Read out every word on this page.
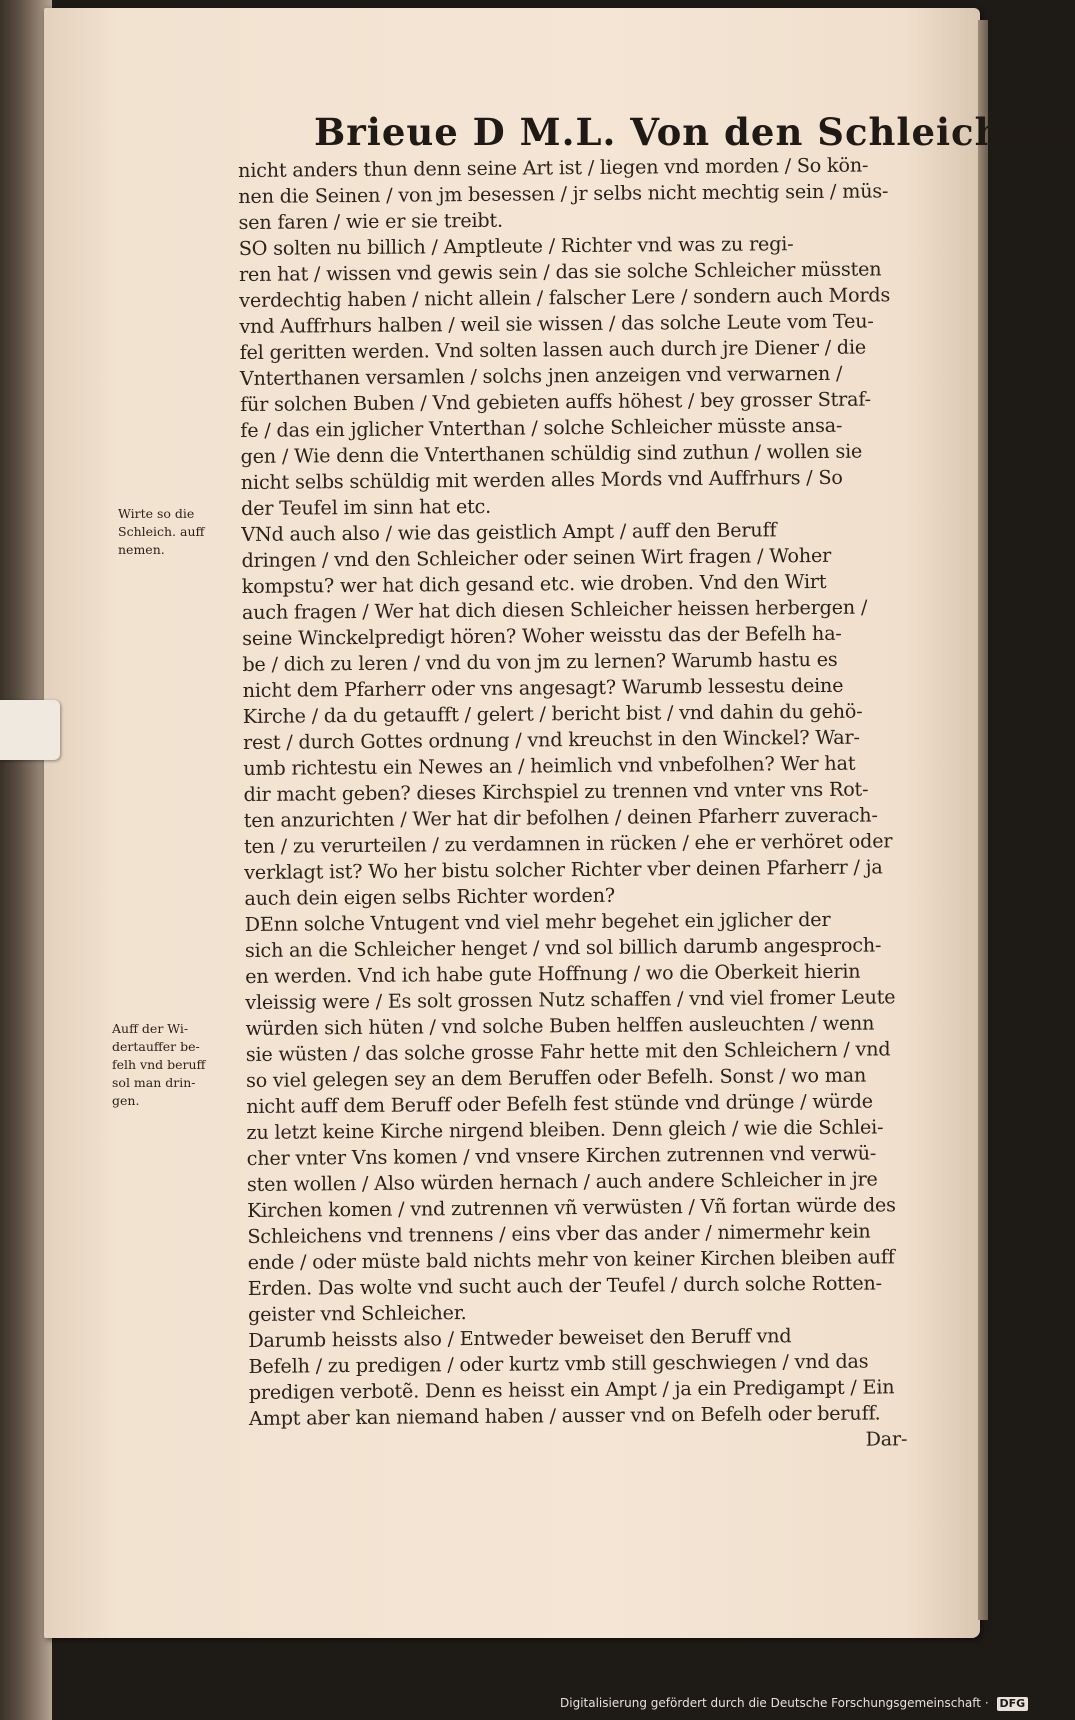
Brieue D M.L. Von den Schleichern
nicht anders thun denn seine Art ist / liegen vnd morden / So kön-
nen die Seinen / von jm besessen / jr selbs nicht mechtig sein / müs-
sen faren / wie er sie treibt.
SO solten nu billich / Amptleute / Richter vnd was zu regi-
ren hat / wissen vnd gewis sein / das sie solche Schleicher müssten
verdechtig haben / nicht allein / falscher Lere / sondern auch Mords
vnd Auffrhurs halben / weil sie wissen / das solche Leute vom Teu-
fel geritten werden. Vnd solten lassen auch durch jre Diener / die
Vnterthanen versamlen / solchs jnen anzeigen vnd verwarnen /
für solchen Buben / Vnd gebieten auffs höhest / bey grosser Straf-
fe / das ein jglicher Vnterthan / solche Schleicher müsste ansa-
gen / Wie denn die Vnterthanen schüldig sind zuthun / wollen sie
nicht selbs schüldig mit werden alles Mords vnd Auffrhurs / So
der Teufel im sinn hat etc.
VNd auch also / wie das geistlich Ampt / auff den Beruff
dringen / vnd den Schleicher oder seinen Wirt fragen / Woher
kompstu? wer hat dich gesand etc. wie droben. Vnd den Wirt
auch fragen / Wer hat dich diesen Schleicher heissen herbergen /
seine Winckelpredigt hören? Woher weisstu das der Befelh ha-
be / dich zu leren / vnd du von jm zu lernen? Warumb hastu es
nicht dem Pfarherr oder vns angesagt? Warumb lessestu deine
Kirche / da du getaufft / gelert / bericht bist / vnd dahin du gehö-
rest / durch Gottes ordnung / vnd kreuchst in den Winckel? War-
umb richtestu ein Newes an / heimlich vnd vnbefolhen? Wer hat
dir macht geben? dieses Kirchspiel zu trennen vnd vnter vns Rot-
ten anzurichten / Wer hat dir befolhen / deinen Pfarherr zuverach-
ten / zu verurteilen / zu verdamnen in rücken / ehe er verhöret oder
verklagt ist? Wo her bistu solcher Richter vber deinen Pfarherr / ja
auch dein eigen selbs Richter worden?
DEnn solche Vntugent vnd viel mehr begehet ein jglicher der
sich an die Schleicher henget / vnd sol billich darumb angesproch-
en werden. Vnd ich habe gute Hoffnung / wo die Oberkeit hierin
vleissig were / Es solt grossen Nutz schaffen / vnd viel fromer Leute
würden sich hüten / vnd solche Buben helffen ausleuchten / wenn
sie wüsten / das solche grosse Fahr hette mit den Schleichern / vnd
so viel gelegen sey an dem Beruffen oder Befelh. Sonst / wo man
nicht auff dem Beruff oder Befelh fest stünde vnd drünge / würde
zu letzt keine Kirche nirgend bleiben. Denn gleich / wie die Schlei-
cher vnter Vns komen / vnd vnsere Kirchen zutrennen vnd verwü-
sten wollen / Also würden hernach / auch andere Schleicher in jre
Kirchen komen / vnd zutrennen vñ verwüsten / Vñ fortan würde des
Schleichens vnd trennens / eins vber das ander / nimermehr kein
ende / oder müste bald nichts mehr von keiner Kirchen bleiben auff
Erden. Das wolte vnd sucht auch der Teufel / durch solche Rotten-
geister vnd Schleicher.
Darumb heissts also / Entweder beweiset den Beruff vnd
Befelh / zu predigen / oder kurtz vmb still geschwiegen / vnd das
predigen verbotẽ. Denn es heisst ein Ampt / ja ein Predigampt / Ein
Ampt aber kan niemand haben / ausser vnd on Befelh oder beruff.
Dar-
Wirte so die
Schleich. auff
nemen.
Auff der Wi-
dertauffer be-
felh vnd beruff
sol man drin-
gen.
Digitalisierung gefördert durch die Deutsche Forschungsgemeinschaft · DFG
